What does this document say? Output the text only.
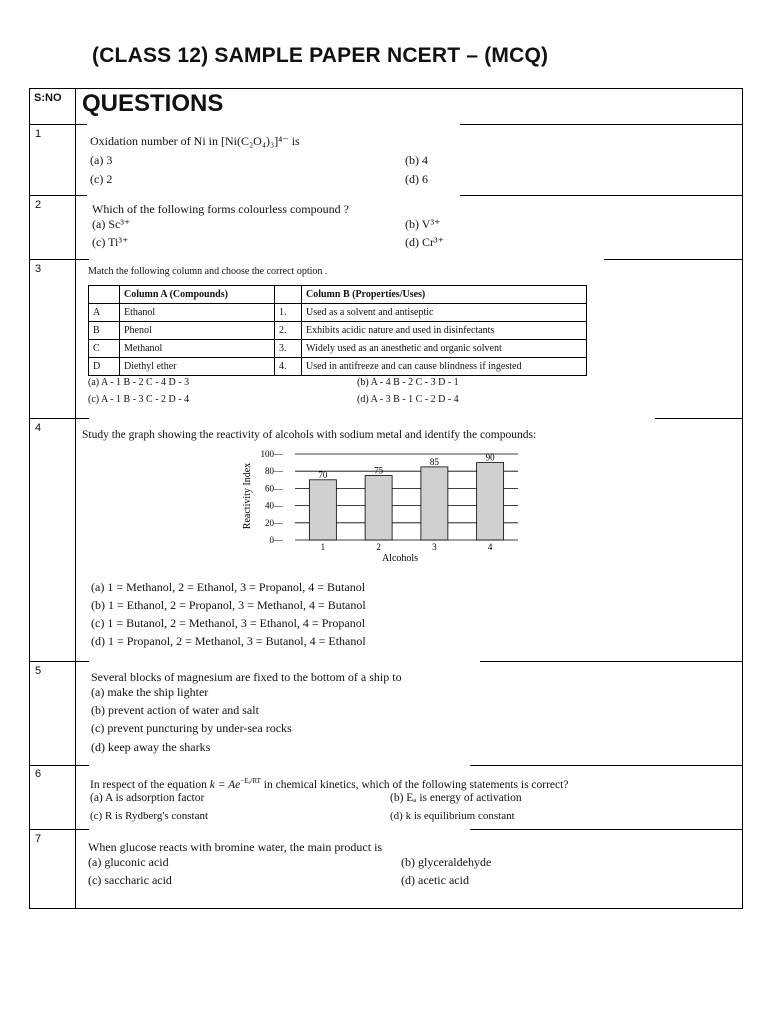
(CLASS 12) SAMPLE PAPER NCERT – (MCQ)
S:NO QUESTIONS
1	Oxidation number of Ni in [Ni(C₂O₄)₃]⁴⁻ is
(a) 3	(b) 4
(c) 2	(d) 6
2	Which of the following forms colourless compound ?
(a) Sc³⁺	(b) V³⁺
(c) Ti³⁺	(d) Cr³⁺
3	Match the following column and choose the correct option .
	Column A (Compounds)		Column B (Properties/Uses)
A	Ethanol	1.	Used as a solvent and antiseptic
B	Phenol	2.	Exhibits acidic nature and used in disinfectants
C	Methanol	3.	Widely used as an anesthetic and organic solvent
D	Diethyl ether	4.	Used in antifreeze and can cause blindness if ingested
(a) A - 1 B - 2 C - 4 D - 3	(b) A - 4 B - 2 C - 3 D - 1
(c) A - 1 B - 3 C - 2 D - 4	(d) A - 3 B - 1 C - 2 D - 4
4
Study the graph showing the reactivity of alcohols with sodium metal and identify the compounds:
70	75
85	90
0—
20—
40—
60—
80—
100—
1	2	3	4
Reactivity Index
Alcohols
(a) 1 = Methanol, 2 = Ethanol, 3 = Propanol, 4 = Butanol
(b) 1 = Ethanol, 2 = Propanol, 3 = Methanol, 4 = Butanol
(c) 1 = Butanol, 2 = Methanol, 3 = Ethanol, 4 = Propanol
(d) 1 = Propanol, 2 = Methanol, 3 = Butanol, 4 = Ethanol
5	Several blocks of magnesium are fixed to the bottom of a ship to
(a) make the ship lighter
(b) prevent action of water and salt
(c) prevent puncturing by under-sea rocks
(d) keep away the sharks
6
In respect of the equation $k = Ae^{-E_a/RT}$ in chemical kinetics, which of the following statements is correct?
(a) A is adsorption factor	(b) Eₐ is energy of activation
(c) R is Rydberg's constant	(d) k is equilibrium constant
7
When glucose reacts with bromine water, the main product is
(a) gluconic acid	(b) glyceraldehyde
(c) saccharic acid	(d) acetic acid
